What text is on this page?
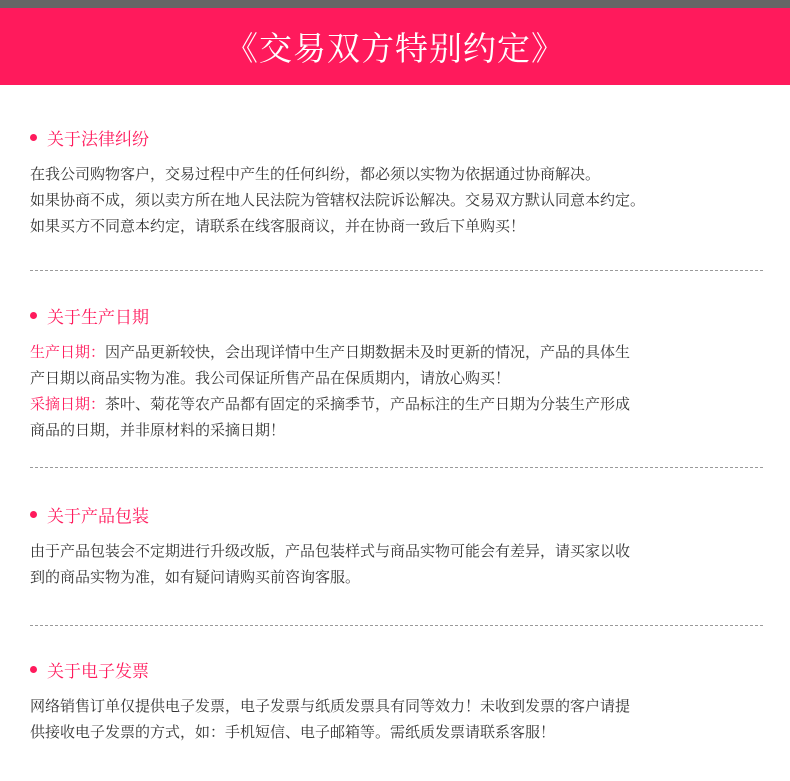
《交易双方特别约定》
关于法律纠纷

在我公司购物客户，交易过程中产生的任何纠纷，都必须以实物为依据通过协商解决。

如果协商不成，须以卖方所在地人民法院为管辖权法院诉讼解决。交易双方默认同意本约定。

如果买方不同意本约定，请联系在线客服商议，并在协商一致后下单购买！

关于生产日期

生产日期：因产品更新较快，会出现详情中生产日期数据未及时更新的情况，产品的具体生

产日期以商品实物为准。我公司保证所售产品在保质期内，请放心购买！

采摘日期：茶叶、菊花等农产品都有固定的采摘季节，产品标注的生产日期为分装生产形成

商品的日期，并非原材料的采摘日期！

关于产品包装

由于产品包装会不定期进行升级改版，产品包装样式与商品实物可能会有差异，请买家以收

到的商品实物为准，如有疑问请购买前咨询客服。

关于电子发票

网络销售订单仅提供电子发票，电子发票与纸质发票具有同等效力！未收到发票的客户请提

供接收电子发票的方式，如：手机短信、电子邮箱等。需纸质发票请联系客服！
